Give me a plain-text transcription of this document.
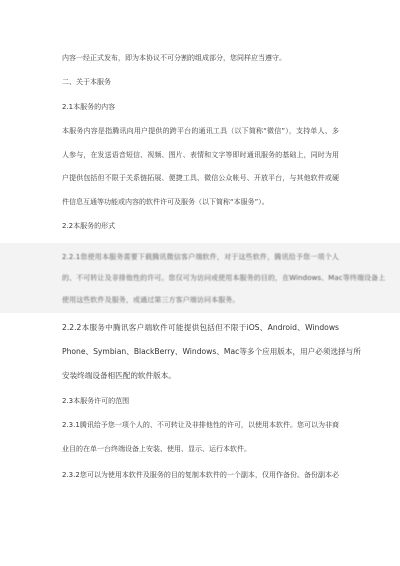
内容一经正式发布，即为本协议不可分割的组成部分，您同样应当遵守。
二、关于本服务
2.1本服务的内容
本服务内容是指腾讯向用户提供的跨平台的通讯工具（以下简称“微信”），支持单人、多
人参与，在发送语音短信、视频、图片、表情和文字等即时通讯服务的基础上，同时为用
户提供包括但不限于关系链拓展、便捷工具、微信公众帐号、开放平台，与其他软件或硬
件信息互通等功能或内容的软件许可及服务（以下简称“本服务”）。
2.2本服务的形式
2.2.1您使用本服务需要下载腾讯微信客户端软件，对于这些软件，腾讯给予您一项个人
的、不可转让及非排他性的许可。您仅可为访问或使用本服务的目的，在Windows、Mac等终端设备上
使用这些软件及服务，或通过第三方客户端访问本服务。
2.2.2本服务中腾讯客户端软件可能提供包括但不限于iOS、Android、Windows
Phone、Symbian、BlackBerry、Windows、Mac等多个应用版本，用户必须选择与所
安装终端设备相匹配的软件版本。
2.3本服务许可的范围
2.3.1腾讯给予您一项个人的、不可转让及非排他性的许可，以使用本软件。您可以为非商
业目的在单一台终端设备上安装、使用、显示、运行本软件。
2.3.2您可以为使用本软件及服务的目的复制本软件的一个副本，仅用作备份。备份副本必
